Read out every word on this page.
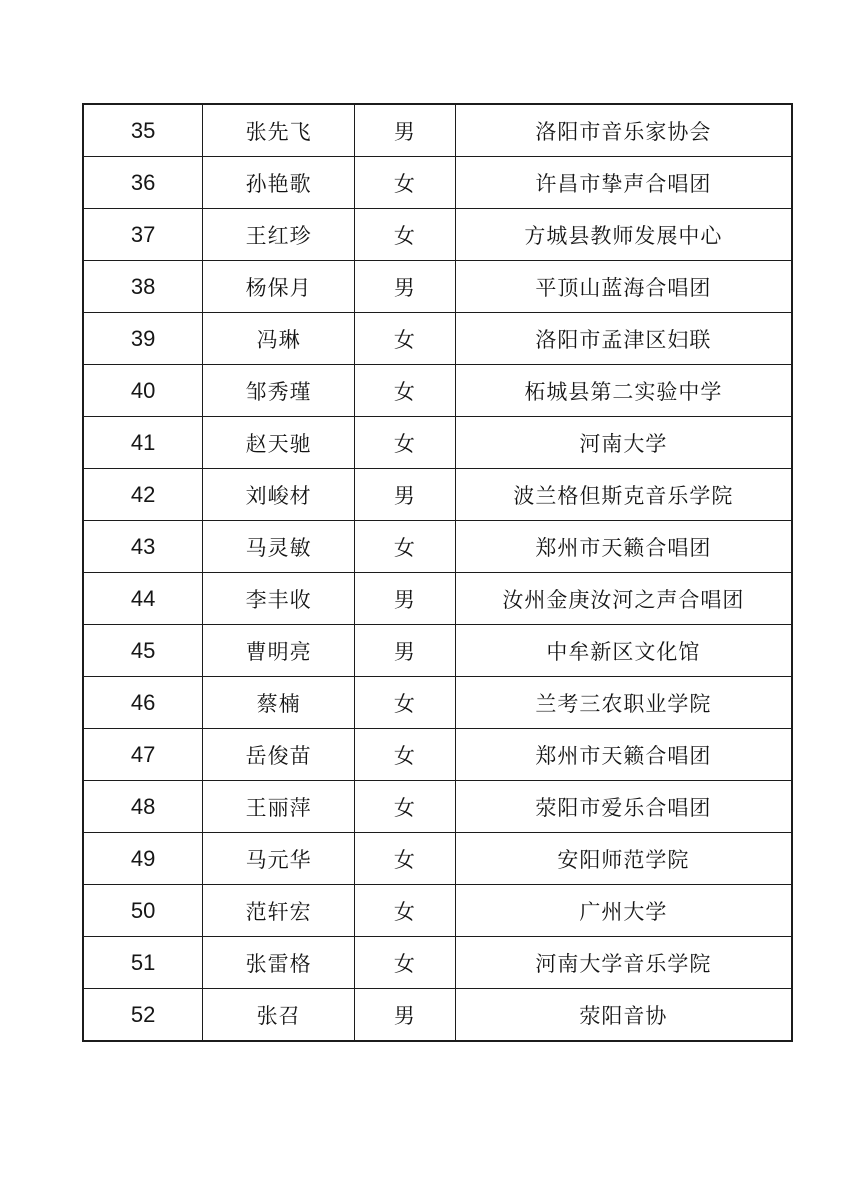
35	张先飞	男	洛阳市音乐家协会
36	孙艳歌	女	许昌市挚声合唱团
37	王红珍	女	方城县教师发展中心
38	杨保月	男	平顶山蓝海合唱团
39	冯琳	女	洛阳市孟津区妇联
40	邹秀瑾	女	柘城县第二实验中学
41	赵天驰	女	河南大学
42	刘峻材	男	波兰格但斯克音乐学院
43	马灵敏	女	郑州市天籁合唱团
44	李丰收	男	汝州金庚汝河之声合唱团
45	曹明亮	男	中牟新区文化馆
46	蔡楠	女	兰考三农职业学院
47	岳俊苗	女	郑州市天籁合唱团
48	王丽萍	女	荥阳市爱乐合唱团
49	马元华	女	安阳师范学院
50	范轩宏	女	广州大学
51	张雷格	女	河南大学音乐学院
52	张召	男	荥阳音协
